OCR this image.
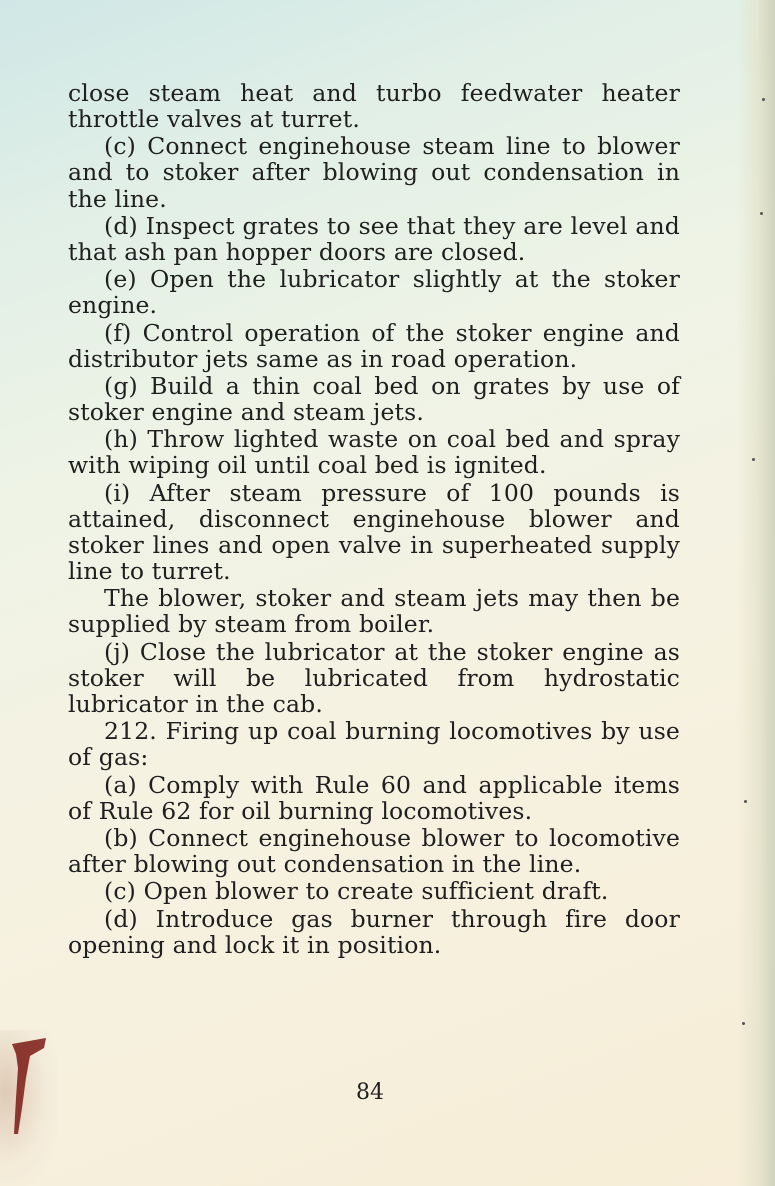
close steam heat and turbo feedwater heater throttle valves at turret.

(c) Connect enginehouse steam line to blower and to stoker after blowing out condensation in the line.

(d) Inspect grates to see that they are level and that ash pan hopper doors are closed.

(e) Open the lubricator slightly at the stoker engine.

(f) Control operation of the stoker engine and distributor jets same as in road operation.

(g) Build a thin coal bed on grates by use of stoker engine and steam jets.

(h) Throw lighted waste on coal bed and spray with wiping oil until coal bed is ignited.

(i) After steam pressure of 100 pounds is attained, disconnect enginehouse blower and stoker lines and open valve in superheated supply line to turret.

The blower, stoker and steam jets may then be supplied by steam from boiler.

(j) Close the lubricator at the stoker engine as stoker will be lubricated from hydrostatic lubricator in the cab.

212. Firing up coal burning locomotives by use of gas:

(a) Comply with Rule 60 and applicable items of Rule 62 for oil burning locomotives.

(b) Connect enginehouse blower to locomotive after blowing out condensation in the line.

(c) Open blower to create sufficient draft.

(d) Introduce gas burner through fire door opening and lock it in position.

84
